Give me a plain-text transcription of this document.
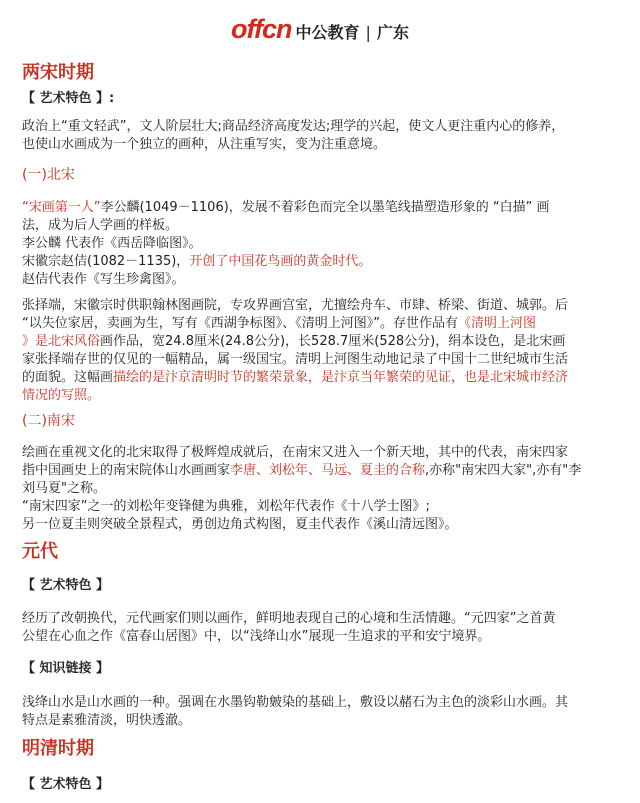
offcn 中公教育 | 广东
两宋时期
【 艺术特色 】:
政治上“重文轻武”，文人阶层壮大;商品经济高度发达;理学的兴起，使文人更注重内心的修养，
也使山水画成为一个独立的画种，从注重写实，变为注重意境。
(一)北宋
“宋画第一人”李公麟(1049－1106)，发展不着彩色而完全以墨笔线描塑造形象的 “白描” 画
法，成为后人学画的样板。
李公麟 代表作《西岳降临图》。
宋徽宗赵佶(1082－1135)，开创了中国花鸟画的黄金时代。
赵佶代表作《写生珍禽图》。
张择端，宋徽宗时供职翰林图画院，专攻界画宫室，尤擅绘舟车、市肆、桥梁、街道、城郭。后
“以失位家居，卖画为生，写有《西湖争标图》、《清明上河图》”。存世作品有《清明上河图
》是北宋风俗画作品，宽24.8厘米(24.8公分)，长528.7厘米(528公分)，绢本设色，是北宋画
家张择端存世的仅见的一幅精品，属一级国宝。清明上河图生动地记录了中国十二世纪城市生活
的面貌。这幅画描绘的是汴京清明时节的繁荣景象，是汴京当年繁荣的见证，也是北宋城市经济
情况的写照。
(二)南宋
绘画在重视文化的北宋取得了极辉煌成就后，在南宋又进入一个新天地，其中的代表，南宋四家
指中国画史上的南宋院体山水画画家李唐、刘松年、马远、夏圭的合称,亦称"南宋四大家",亦有"李
刘马夏"之称。
“南宋四家”之一的刘松年变锋健为典雅，刘松年代表作《十八学士图》;
另一位夏圭则突破全景程式，勇创边角式构图，夏圭代表作《溪山清远图》。
元代
【 艺术特色 】
经历了改朝换代，元代画家们则以画作，鲜明地表现自己的心境和生活情趣。“元四家”之首黄
公望在心血之作《富春山居图》中，以“浅绛山水”展现一生追求的平和安宁境界。
【 知识链接 】
浅绛山水是山水画的一种。强调在水墨钩勒皴染的基础上，敷设以赭石为主色的淡彩山水画。其
特点是素雅清淡，明快透澈。
明清时期
【 艺术特色 】
